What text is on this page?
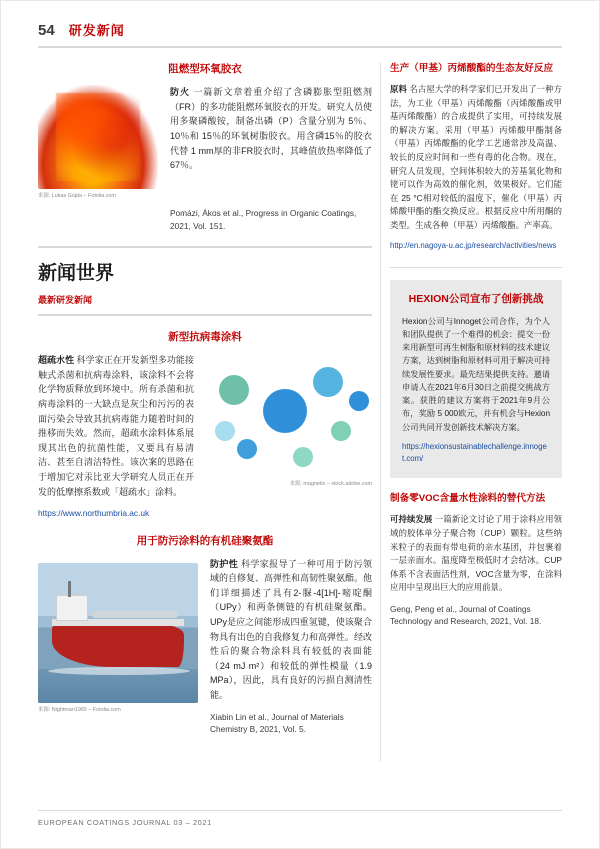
54 研发新闻
阻燃型环氧胶衣
来源: Lukas Gojda – Fotolia.com
防火 一篇新文章着重介绍了含磷膨胀型阻燃剂（FR）的多功能阻燃环氧胶衣的开发。研究人员使用多聚磷酸铵，制备出磷（P）含量分别为 5％、10％和 15％的环氧树脂胶衣。用含磷15％的胶衣代替 1 mm厚的非FR胶衣时，其峰值放热率降低了 67％。
Pomázi, Ákos et al., Progress in Organic Coatings, 2021, Vol. 151.
新闻世界
最新研发新闻
新型抗病毒涂料
超疏水性 科学家正在开发新型多功能接触式杀菌和抗病毒涂料，该涂料不会将化学物质释放到环境中。所有杀菌和抗病毒涂料的一大缺点是灰尘和污污的表面污染会导致其抗病毒能力随着时间的推移而失效。然而，超疏水涂料体系展现其出色的抗菌性能，又要具有易清洁、甚至自清洁特性。该次案的思路在于增加它对汞比亚大学研究人员正在开发的低摩擦系数或「超疏水」涂料。
来源: magnetix – stock.adobe.com
https://www.northumbria.ac.uk
用于防污涂料的有机硅聚氨酯
来源: Nightman1965 – Fotolia.com
防护性 科学家报导了一种可用于防污领域的自修复、高弹性和高韧性聚氨酯。他们详细描述了具有2-脲-4[1H]-嘧啶酮（UPy）和两条侧链的有机硅聚氨酯。UPy是应之间能形成四重氢键，使该聚合物具有出色的自我修复力和高弹性。经改性后的聚合物涂料具有较低的表面能（24 mJ m²）和较低的弹性模量（1.9 MPa），因此，具有良好的污损自测清性能。
Xiabin Lin et al., Journal of Materials Chemistry B, 2021, Vol. 5.
生产（甲基）丙烯酸酯的生态友好反应
原料 名古屋大学的科学家们已开发出了一种方法，为工业（甲基）丙烯酸酯（丙烯酸酯或甲基丙烯酸酯）的合成提供了实用，可持续发展的解决方案。采用（甲基）丙烯酸甲酯制备（甲基）丙烯酸酯的化学工艺通常涉及高温、较长的反应时间和一些有毒的化合物。现在，研究人员发现，空间体积较大的芳基氧化物和铑可以作为高效的催化剂，效果极好。它们能在 25 °C相对较低的温度下，催化（甲基）丙烯酸甲酯的酯交换反应。根据反应中所用酮的类型。生成各种（甲基）丙烯酸酯。产率高。
http://en.nagoya-u.ac.jp/research/activities/news
HEXION公司宣布了创新挑战
Hexion公司与Innoget公司合作，为个人和团队提供了一个难得的机会：提交一份来用新型可再生树脂和原材料的技术建议方案，达到树脂和原材料可用于解决可持续发展性要求。最先结果提供支持。邀请申请人在2021年6月30日之前提交挑战方案。获胜的建议方案将于2021年9月公布，奖励 5 000欧元，并有机会与Hexion公司共同开发创新技术解决方案。
https://hexionsustainablechallenge.innoget.com/
制备零VOC含量水性涂料的替代方法
可持续发展 一篇新论文讨论了用于涂料应用领域的胶体单分子聚合物（CUP）颗粒。这些纳米粒子的表面有带电荷的亲水基团，并包裹着一层亲面水。温度降至极低时才会结冰。CUP体系不含表面活性剂，VOC含量为零，在涂料应用中呈现出巨大的应用前景。
Geng, Peng et al., Journal of Coatings Technology and Research, 2021, Vol. 18.
EUROPEAN COATINGS JOURNAL 03 – 2021
